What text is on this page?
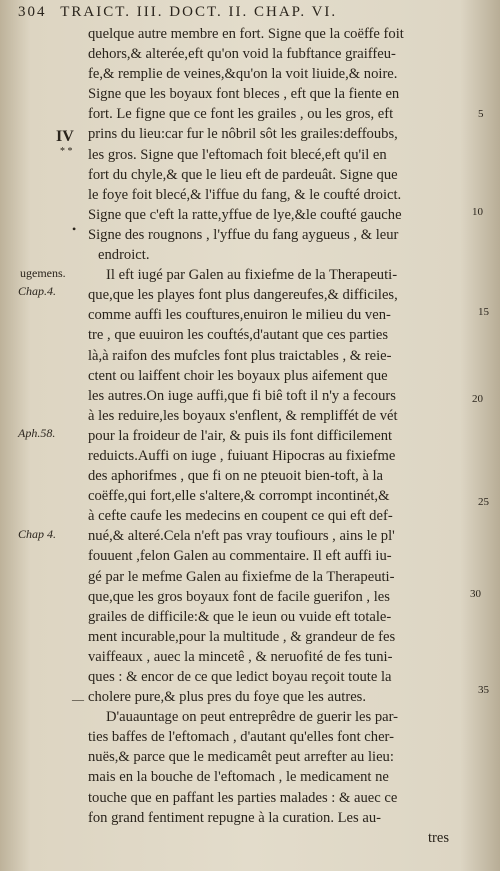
304 TRAICT. III. DOCT. II. CHAP. VI.
quelque autre membre en fort. Signe que la coëffe foit
dehors,& alterée,eft qu'on void la fubftance graiffeu-
fe,& remplie de veines,&qu'on la voit liuide,& noire.
Signe que les boyaux font bleces , eft que la fiente en
fort. Le figne que ce font les grailes , ou les gros, eft
prins du lieu:car fur le nôbril sôt les grailes:deffoubs,
les gros. Signe que l'eftomach foit blecé,eft qu'il en
fort du chyle,& que le lieu eft de pardeuât. Signe que
le foye foit blecé,& l'iffue du fang, & le coufté droict.
Signe que c'eft la ratte,yffue de lye,&le coufté gauche
Signe des rougnons , l'yffue du fang aygueus , & leur
endroict.
Il eft iugé par Galen au fixiefme de la Therapeuti-
que,que les playes font plus dangereufes,& difficiles,
comme auffi les couftures,enuiron le milieu du ven-
tre , que euuiron les couftés,d'autant que ces parties
là,à raifon des mufcles font plus traictables , & reie-
ctent ou laiffent choir les boyaux plus aifement que
les autres.On iuge auffi,que fi biê toft il n'y a fecours
à les reduire,les boyaux s'enflent, & rempliffét de vét
pour la froideur de l'air, & puis ils font difficilement
reduicts.Auffi on iuge , fuiuant Hipocras au fixiefme
des aphorifmes , que fi on ne pteuoit bien-toft, à la
coëffe,qui fort,elle s'altere,& corrompt incontinét,&
à cefte caufe les medecins en coupent ce qui eft def-
nué,& alteré.Cela n'eft pas vray toufiours , ains le pl'
fouuent ,felon Galen au commentaire. Il eft auffi iu-
gé par le mefme Galen au fixiefme de la Therapeuti-
que,que les gros boyaux font de facile guerifon , les
grailes de difficile:& que le ieun ou vuide eft totale-
ment incurable,pour la multitude , & grandeur de fes
vaiffeaux , auec la mincetê , & neruofité de fes tuni-
ques : & encor de ce que ledict boyau reçoit toute la
cholere pure,& plus pres du foye que les autres.
D'auauntage on peut entreprêdre de guerir les par-
ties baffes de l'eftomach , d'autant qu'elles font cher-
nuës,& parce que le medicamêt peut arrefter au lieu:
mais en la bouche de l'eftomach , le medicament ne
touche que en paffant les parties malades : & auec ce
fon grand fentiment repugne à la curation. Les au-
tres
IV
* *
•
ugemens.
Chap.4.
Aph.58.
Chap 4.
—
5
10
15
20
25
30
35
